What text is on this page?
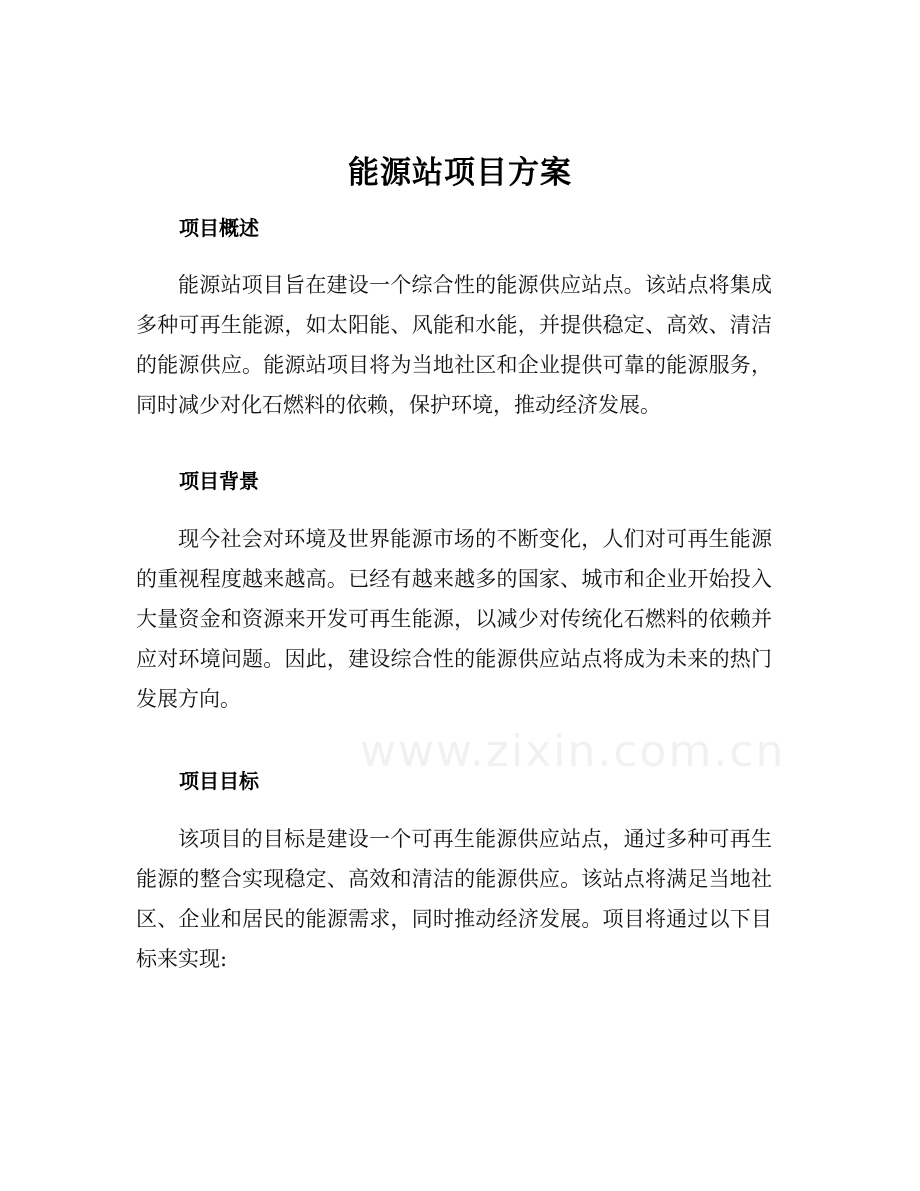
能源站项目方案
项目概述

能源站项目旨在建设一个综合性的能源供应站点。该站点将集成多种可再生能源，如太阳能、风能和水能，并提供稳定、高效、清洁的能源供应。能源站项目将为当地社区和企业提供可靠的能源服务，同时减少对化石燃料的依赖，保护环境，推动经济发展。

项目背景

现今社会对环境及世界能源市场的不断变化，人们对可再生能源的重视程度越来越高。已经有越来越多的国家、城市和企业开始投入大量资金和资源来开发可再生能源，以减少对传统化石燃料的依赖并应对环境问题。因此，建设综合性的能源供应站点将成为未来的热门发展方向。

项目目标

该项目的目标是建设一个可再生能源供应站点，通过多种可再生能源的整合实现稳定、高效和清洁的能源供应。该站点将满足当地社区、企业和居民的能源需求，同时推动经济发展。项目将通过以下目标来实现:

www.zixin.com.cn
